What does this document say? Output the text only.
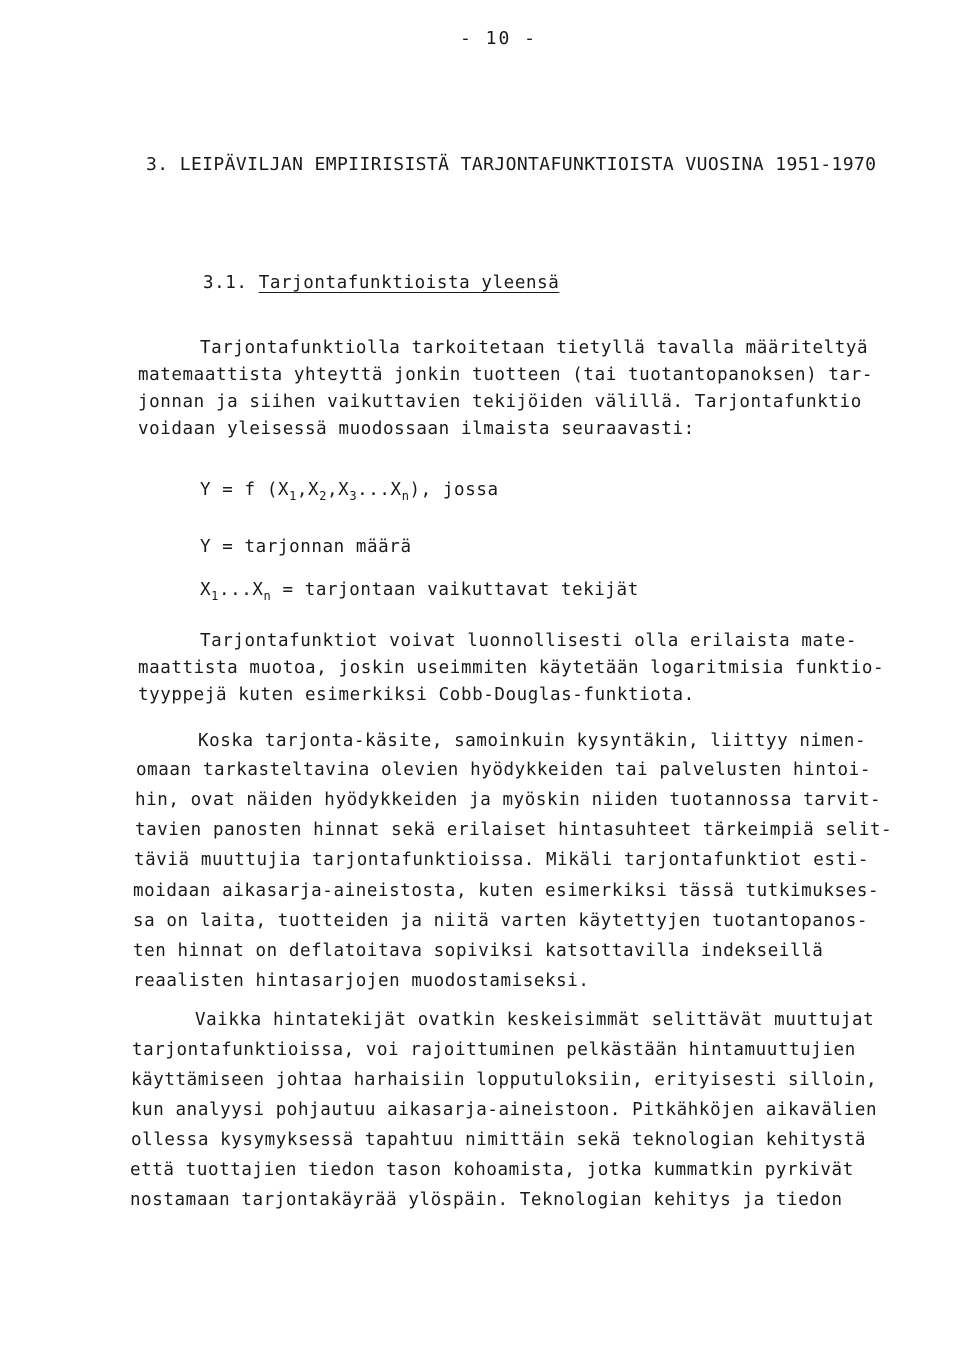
- 10 -
3. LEIPÄVILJAN EMPIIRISISTÄ TARJONTAFUNKTIOISTA VUOSINA 1951-1970
3.1. Tarjontafunktioista yleensä
Tarjontafunktiolla tarkoitetaan tietyllä tavalla määriteltyä
matemaattista yhteyttä jonkin tuotteen (tai tuotantopanoksen) tar-
jonnan ja siihen vaikuttavien tekijöiden välillä. Tarjontafunktio
voidaan yleisessä muodossaan ilmaista seuraavasti:
Y = f $(X_1,X_2,X_3...X_n)$, jossa
Y = tarjonnan määrä
$X_1...X_n$ = tarjontaan vaikuttavat tekijät
Tarjontafunktiot voivat luonnollisesti olla erilaista mate-
maattista muotoa, joskin useimmiten käytetään logaritmisia funktio-
tyyppejä kuten esimerkiksi Cobb-Douglas-funktiota.
Koska tarjonta-käsite, samoinkuin kysyntäkin, liittyy nimen-
omaan tarkasteltavina olevien hyödykkeiden tai palvelusten hintoi-
hin, ovat näiden hyödykkeiden ja myöskin niiden tuotannossa tarvit-
tavien panosten hinnat sekä erilaiset hintasuhteet tärkeimpiä selit-
täviä muuttujia tarjontafunktioissa. Mikäli tarjontafunktiot esti-
moidaan aikasarja-aineistosta, kuten esimerkiksi tässä tutkimukses-
sa on laita, tuotteiden ja niitä varten käytettyjen tuotantopanos-
ten hinnat on deflatoitava sopiviksi katsottavilla indekseillä
reaalisten hintasarjojen muodostamiseksi.
Vaikka hintatekijät ovatkin keskeisimmät selittävät muuttujat
tarjontafunktioissa, voi rajoittuminen pelkästään hintamuuttujien
käyttämiseen johtaa harhaisiin lopputuloksiin, erityisesti silloin,
kun analyysi pohjautuu aikasarja-aineistoon. Pitkähköjen aikavälien
ollessa kysymyksessä tapahtuu nimittäin sekä teknologian kehitystä
että tuottajien tiedon tason kohoamista, jotka kummatkin pyrkivät
nostamaan tarjontakäyrää ylöspäin. Teknologian kehitys ja tiedon
